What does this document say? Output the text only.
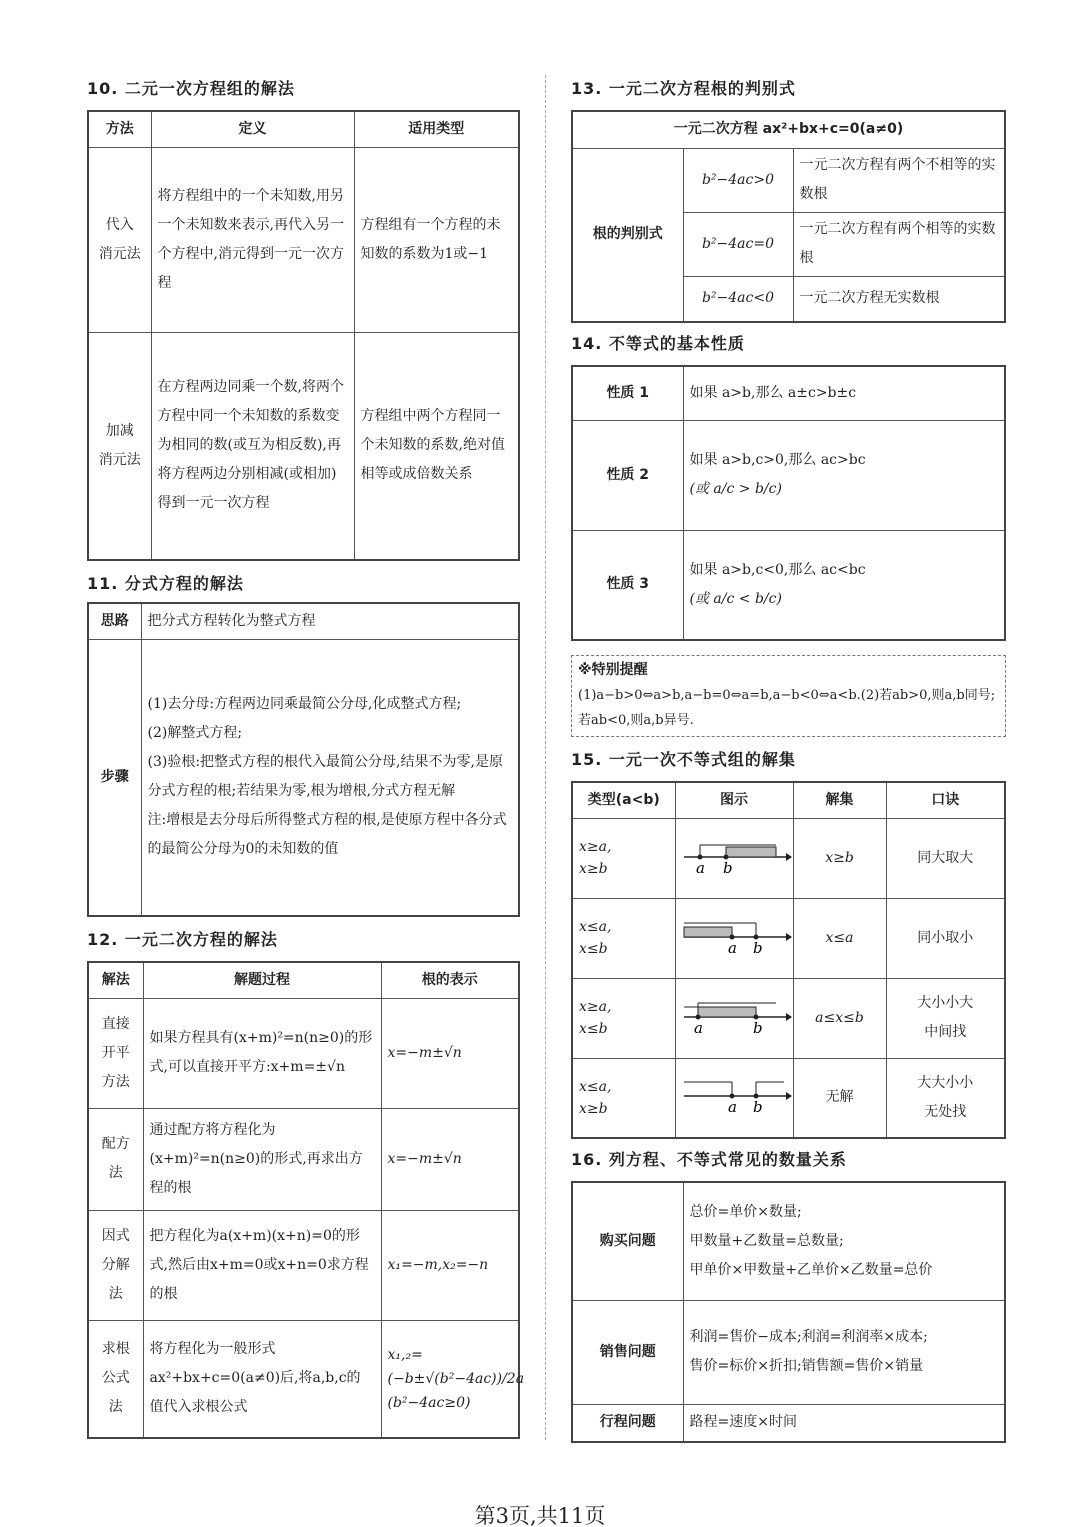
10. 二元一次方程组的解法
方法	定义	适用类型
代入
消元法	将方程组中的一个未知数,用另一个未知数来表示,再代入另一个方程中,消元得到一元一次方程	方程组有一个方程的未知数的系数为1或−1
加减
消元法	在方程两边同乘一个数,将两个方程中同一个未知数的系数变为相同的数(或互为相反数),再将方程两边分别相减(或相加)得到一元一次方程	方程组中两个方程同一个未知数的系数,绝对值相等或成倍数关系
11. 分式方程的解法
思路	把分式方程转化为整式方程
步骤	(1)去分母:方程两边同乘最简公分母,化成整式方程;
(2)解整式方程;
(3)验根:把整式方程的根代入最简公分母,结果不为零,是原分式方程的根;若结果为零,根为增根,分式方程无解
注:增根是去分母后所得整式方程的根,是使原方程中各分式的最简公分母为0的未知数的值
12. 一元二次方程的解法
解法	解题过程	根的表示
直接
开平
方法	如果方程具有(x+m)²=n(n≥0)的形式,可以直接开平方:x+m=±√n	x=−m±√n
配方
法	通过配方将方程化为(x+m)²=n(n≥0)的形式,再求出方程的根	x=−m±√n
因式
分解
法	把方程化为a(x+m)(x+n)=0的形式,然后由x+m=0或x+n=0求方程的根	x₁=−m,x₂=−n
求根
公式
法	将方程化为一般形式ax²+bx+c=0(a≠0)后,将a,b,c的值代入求根公式	x₁,₂=(−b±√(b²−4ac))/2a (b²−4ac≥0)
13. 一元二次方程根的判别式
一元二次方程 ax²+bx+c=0(a≠0)		
根的判别式	b²−4ac>0	一元二次方程有两个不相等的实数根
	b²−4ac=0	一元二次方程有两个相等的实数根
	b²−4ac<0	一元二次方程无实数根
14. 不等式的基本性质
性质 1	如果 a>b,那么 a±c>b±c
性质 2	如果 a>b,c>0,那么 ac>bc
(或 a/c > b/c)

性质 3	如果 a>b,c<0,那么 ac<bc
(或 a/c < b/c)
※特别提醒
(1)a−b>0⇔a>b,a−b=0⇔a=b,a−b<0⇔a<b.(2)若ab>0,则a,b同号;若ab<0,则a,b异号.
15. 一元一次不等式组的解集
类型(a<b)	图示	解集	口诀

x≥a,
x≥b	a b	x≥b	同大取大

x≤a,
x≤b	a b	x≤a	同小取小

x≥a,
x≤b	a b	a≤x≤b	大小小大
中间找

x≤a,
x≥b	a b	无解	大大小小
无处找
16. 列方程、不等式常见的数量关系
购买问题	总价=单价×数量;
甲数量+乙数量=总数量;
甲单价×甲数量+乙单价×乙数量=总价

销售问题	利润=售价−成本;利润=利润率×成本;
售价=标价×折扣;销售额=售价×销量

行程问题	路程=速度×时间
第3页,共11页
